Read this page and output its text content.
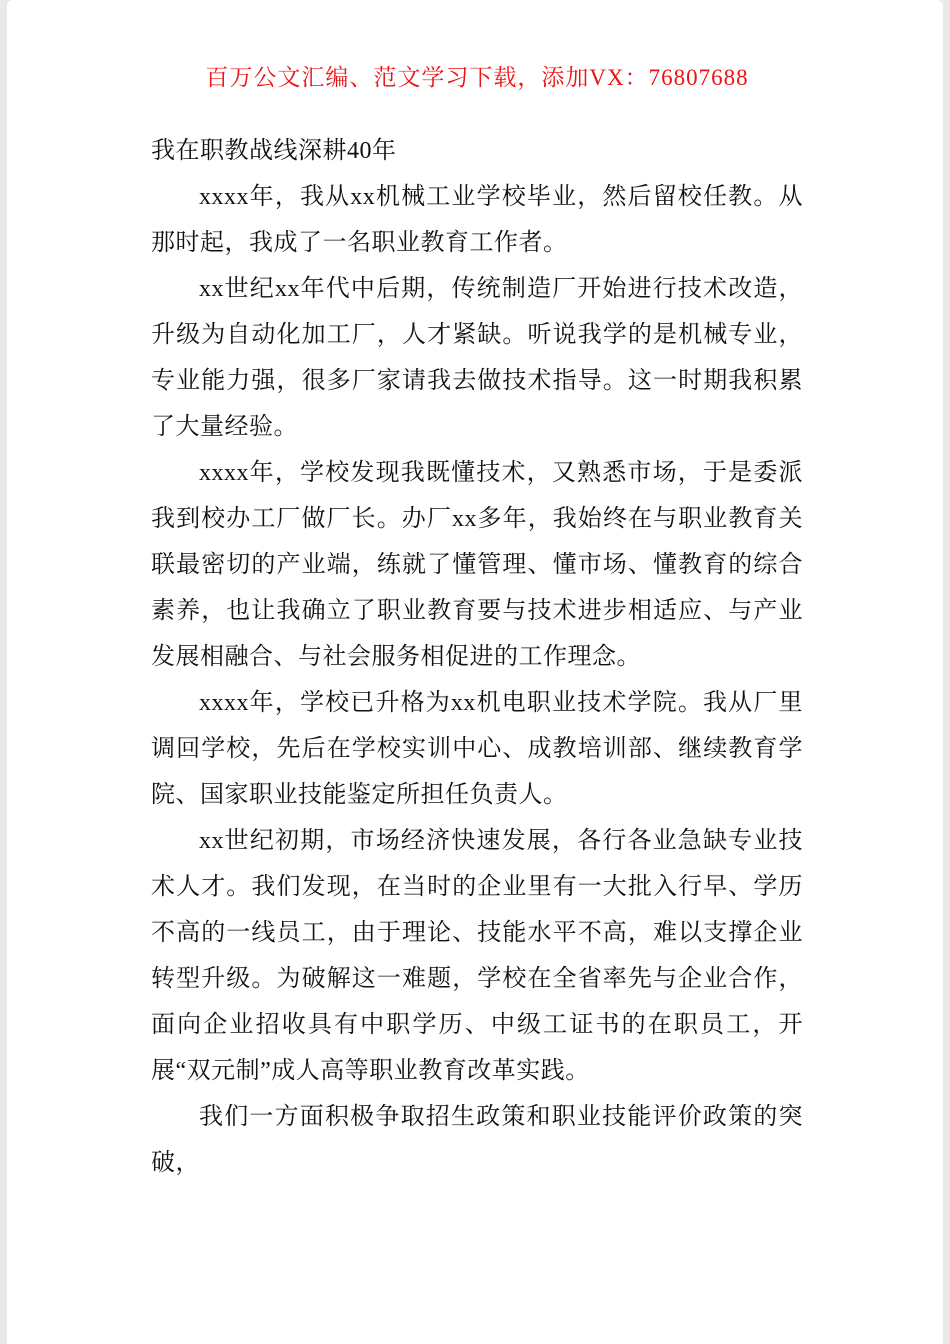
百万公文汇编、范文学习下载，添加VX：76807688

我在职教战线深耕40年

xxxx年，我从xx机械工业学校毕业，然后留校任教。从那时起，我成了一名职业教育工作者。

xx世纪xx年代中后期，传统制造厂开始进行技术改造，升级为自动化加工厂，人才紧缺。听说我学的是机械专业，专业能力强，很多厂家请我去做技术指导。这一时期我积累了大量经验。

xxxx年，学校发现我既懂技术，又熟悉市场，于是委派我到校办工厂做厂长。办厂xx多年，我始终在与职业教育关联最密切的产业端，练就了懂管理、懂市场、懂教育的综合素养，也让我确立了职业教育要与技术进步相适应、与产业发展相融合、与社会服务相促进的工作理念。

xxxx年，学校已升格为xx机电职业技术学院。我从厂里调回学校，先后在学校实训中心、成教培训部、继续教育学院、国家职业技能鉴定所担任负责人。

xx世纪初期，市场经济快速发展，各行各业急缺专业技术人才。我们发现，在当时的企业里有一大批入行早、学历不高的一线员工，由于理论、技能水平不高，难以支撑企业转型升级。为破解这一难题，学校在全省率先与企业合作，面向企业招收具有中职学历、中级工证书的在职员工，开展“双元制”成人高等职业教育改革实践。

我们一方面积极争取招生政策和职业技能评价政策的突破，
